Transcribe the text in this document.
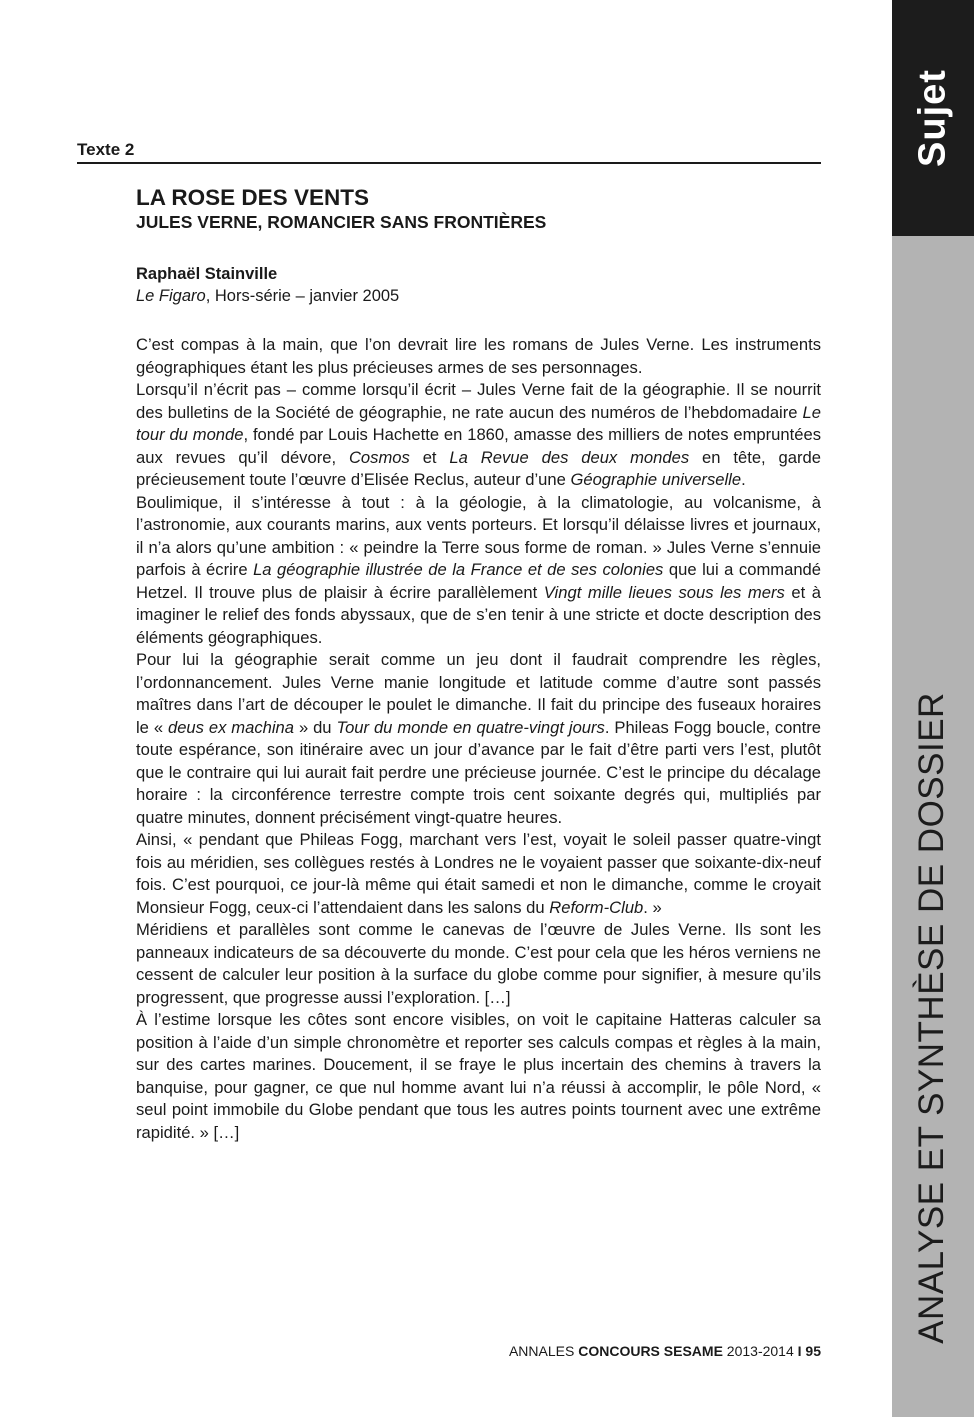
Sujet
ANALYSE ET SYNTHÈSE DE DOSSIER
Texte 2
LA ROSE DES VENTS
JULES VERNE, ROMANCIER SANS FRONTIÈRES

Raphaël Stainville

Le Figaro, Hors-série – janvier 2005

C’est compas à la main, que l’on devrait lire les romans de Jules Verne. Les instruments géographiques étant les plus précieuses armes de ses personnages.

Lorsqu’il n’écrit pas – comme lorsqu’il écrit – Jules Verne fait de la géographie. Il se nourrit des bulletins de la Société de géographie, ne rate aucun des numéros de l’hebdomadaire Le tour du monde, fondé par Louis Hachette en 1860, amasse des milliers de notes empruntées aux revues qu’il dévore, Cosmos et La Revue des deux mondes en tête, garde précieusement toute l’œuvre d’Elisée Reclus, auteur d’une Géographie universelle.

Boulimique, il s’intéresse à tout : à la géologie, à la climatologie, au volcanisme, à l’astronomie, aux courants marins, aux vents porteurs. Et lorsqu’il délaisse livres et journaux, il n’a alors qu’une ambition : « peindre la Terre sous forme de roman. » Jules Verne s’ennuie parfois à écrire La géographie illustrée de la France et de ses colonies que lui a commandé Hetzel. Il trouve plus de plaisir à écrire parallèlement Vingt mille lieues sous les mers et à imaginer le relief des fonds abyssaux, que de s’en tenir à une stricte et docte description des éléments géographiques.

Pour lui la géographie serait comme un jeu dont il faudrait comprendre les règles, l’ordonnancement. Jules Verne manie longitude et latitude comme d’autre sont passés maîtres dans l’art de découper le poulet le dimanche. Il fait du principe des fuseaux horaires le « deus ex machina » du Tour du monde en quatre-vingt jours. Phileas Fogg boucle, contre toute espérance, son itinéraire avec un jour d’avance par le fait d’être parti vers l’est, plutôt que le contraire qui lui aurait fait perdre une précieuse journée. C’est le principe du décalage horaire : la circonférence terrestre compte trois cent soixante degrés qui, multipliés par quatre minutes, donnent précisément vingt-quatre heures.

Ainsi, « pendant que Phileas Fogg, marchant vers l’est, voyait le soleil passer quatre-vingt fois au méridien, ses collègues restés à Londres ne le voyaient passer que soixante-dix-neuf fois. C’est pourquoi, ce jour-là même qui était samedi et non le dimanche, comme le croyait Monsieur Fogg, ceux-ci l’attendaient dans les salons du Reform-Club. »

Méridiens et parallèles sont comme le canevas de l’œuvre de Jules Verne. Ils sont les panneaux indicateurs de sa découverte du monde. C’est pour cela que les héros verniens ne cessent de calculer leur position à la surface du globe comme pour signifier, à mesure qu’ils progressent, que progresse aussi l’exploration. […]

À l’estime lorsque les côtes sont encore visibles, on voit le capitaine Hatteras calculer sa position à l’aide d’un simple chronomètre et reporter ses calculs compas et règles à la main, sur des cartes marines. Doucement, il se fraye le plus incertain des chemins à travers la banquise, pour gagner, ce que nul homme avant lui n’a réussi à accomplir, le pôle Nord, « seul point immobile du Globe pendant que tous les autres points tournent avec une extrême rapidité. » […]

ANNALES CONCOURS SESAME 2013-2014 I 95
